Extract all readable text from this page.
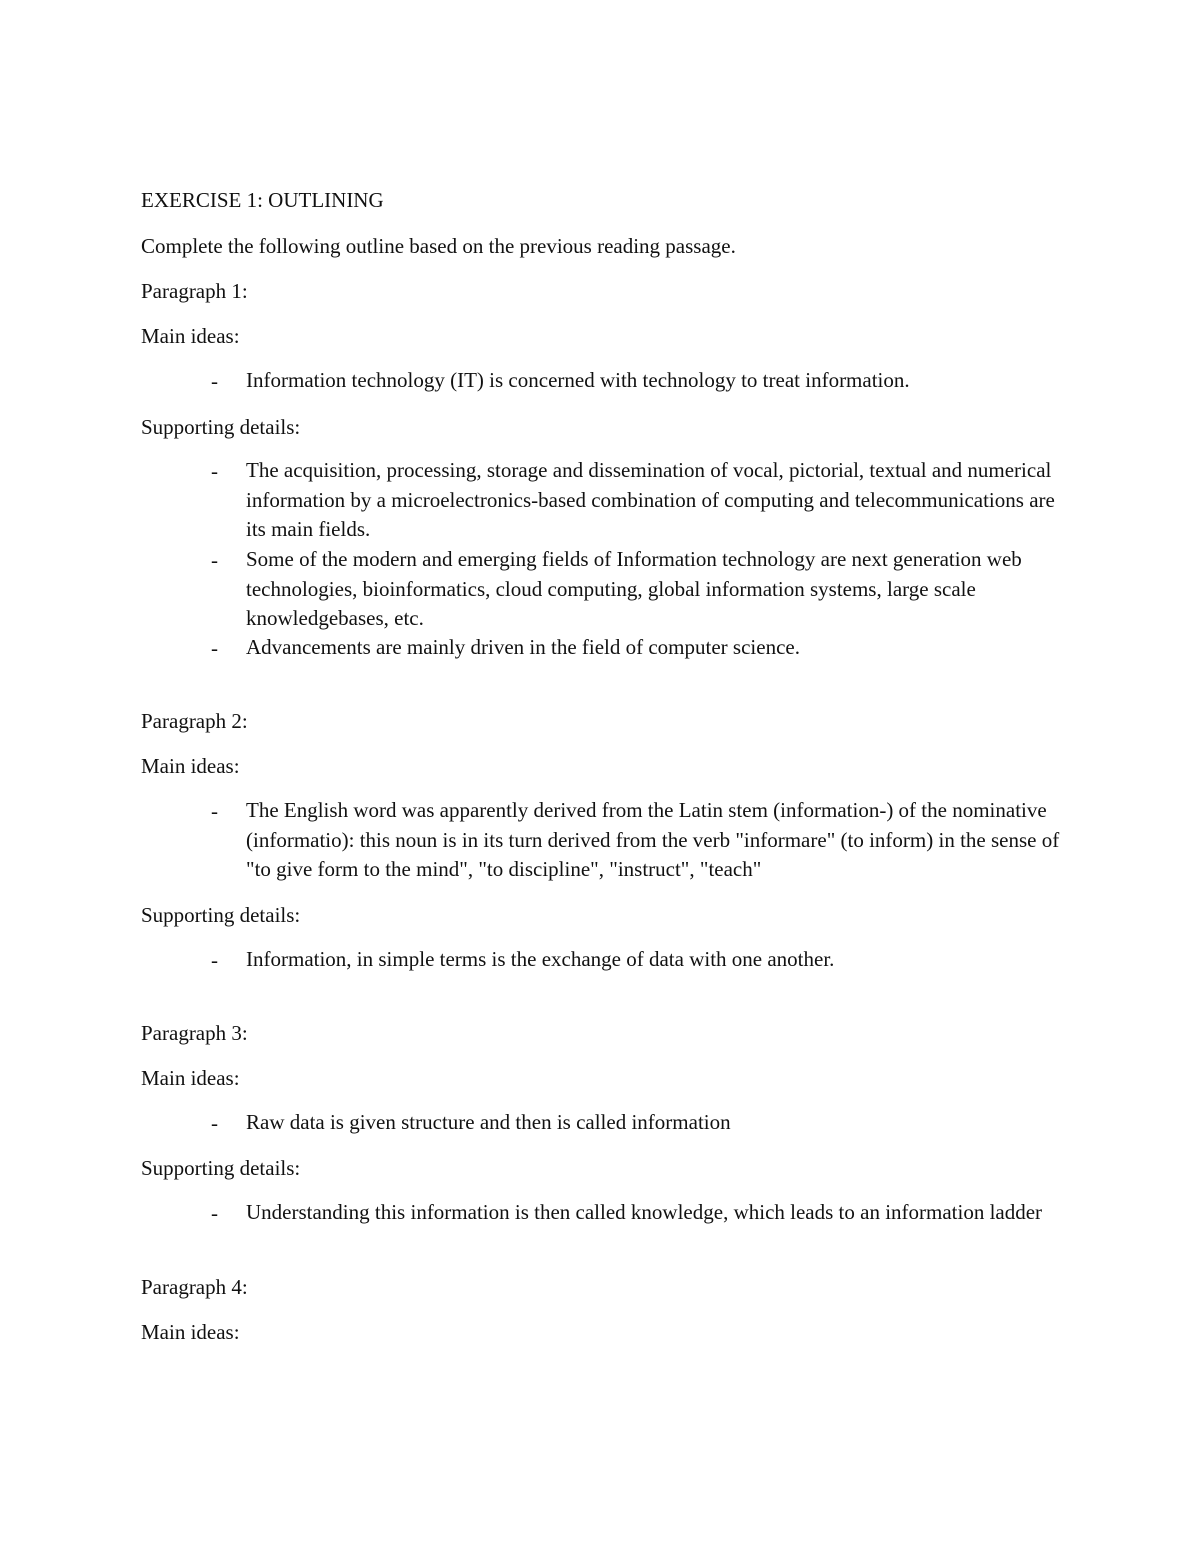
EXERCISE 1: OUTLINING
Complete the following outline based on the previous reading passage.
Paragraph 1:
Main ideas:
- Information technology (IT) is concerned with technology to treat information.
Supporting details:
- The acquisition, processing, storage and dissemination of vocal, pictorial, textual and numerical information by a microelectronics-based combination of computing and telecommunications are its main fields.
- Some of the modern and emerging fields of Information technology are next generation web technologies, bioinformatics, cloud computing, global information systems, large scale knowledgebases, etc.
- Advancements are mainly driven in the field of computer science.
Paragraph 2:
Main ideas:
- The English word was apparently derived from the Latin stem (information-) of the nominative (informatio): this noun is in its turn derived from the verb "informare" (to inform) in the sense of "to give form to the mind", "to discipline", "instruct", "teach"
Supporting details:
- Information, in simple terms is the exchange of data with one another.
Paragraph 3:
Main ideas:
- Raw data is given structure and then is called information
Supporting details:
- Understanding this information is then called knowledge, which leads to an information ladder
Paragraph 4:
Main ideas:
